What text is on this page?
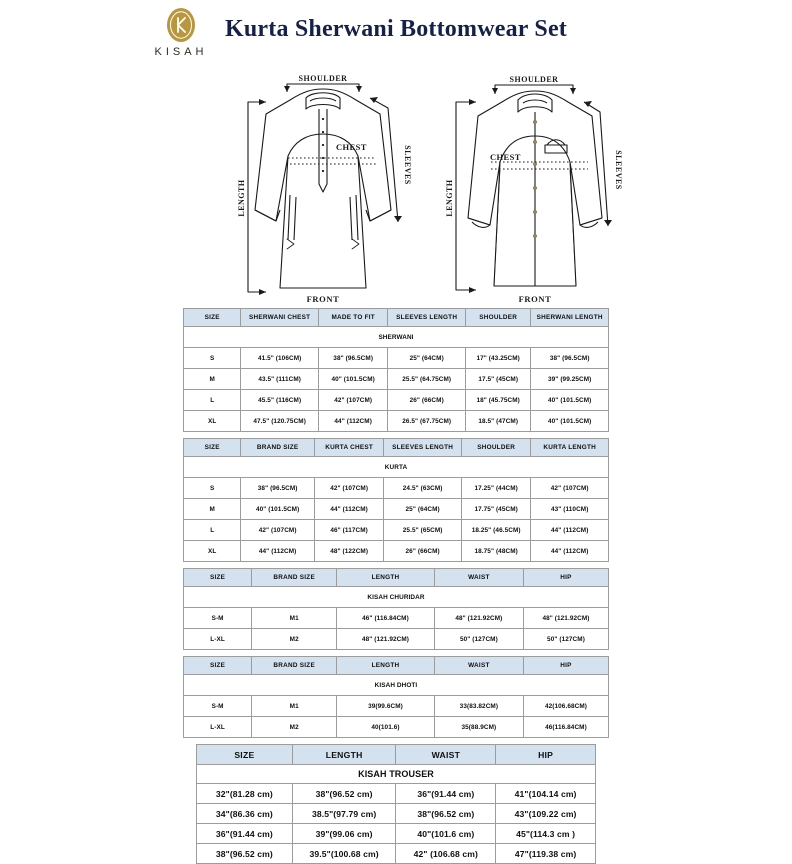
KISAH
Kurta Sherwani Bottomwear Set
SHOULDER
CHEST
FRONT
LENGTH
SLEEVES
SHOULDER
CHEST
FRONT
LENGTH
SLEEVES
SHERWANI					
SIZE	SHERWANI CHEST	MADE TO FIT	SLEEVES LENGTH	SHOULDER	SHERWANI LENGTH
S	41.5" (106CM)	38" (96.5CM)	25" (64CM)	17" (43.25CM)	38" (96.5CM)
M	43.5" (111CM)	40" (101.5CM)	25.5" (64.75CM)	17.5" (45CM)	39" (99.25CM)
L	45.5" (116CM)	42" (107CM)	26" (66CM)	18" (45.75CM)	40" (101.5CM)
XL	47.5" (120.75CM)	44" (112CM)	26.5" (67.75CM)	18.5" (47CM)	40" (101.5CM)
KURTA					
SIZE	BRAND SIZE	KURTA CHEST	SLEEVES LENGTH	SHOULDER	KURTA LENGTH
S	38" (96.5CM)	42" (107CM)	24.5" (63CM)	17.25" (44CM)	42" (107CM)
M	40" (101.5CM)	44" (112CM)	25" (64CM)	17.75" (45CM)	43" (110CM)
L	42" (107CM)	46" (117CM)	25.5" (65CM)	18.25" (46.5CM)	44" (112CM)
XL	44" (112CM)	48" (122CM)	26" (66CM)	18.75" (48CM)	44" (112CM)
KISAH CHURIDAR				
SIZE	BRAND SIZE	LENGTH	WAIST	HIP
S-M	M1	46" (116.84CM)	48" (121.92CM)	48" (121.92CM)
L-XL	M2	48" (121.92CM)	50" (127CM)	50" (127CM)
KISAH DHOTI				
SIZE	BRAND SIZE	LENGTH	WAIST	HIP
S-M	M1	39(99.6CM)	33(83.82CM)	42(106.68CM)
L-XL	M2	40(101.6)	35(88.9CM)	46(116.84CM)
KISAH TROUSER			
SIZE	LENGTH	WAIST	HIP
32"(81.28 cm)	38"(96.52 cm)	36"(91.44 cm)	41"(104.14 cm)
34"(86.36 cm)	38.5"(97.79 cm)	38"(96.52 cm)	43"(109.22 cm)
36"(91.44 cm)	39"(99.06 cm)	40"(101.6 cm)	45"(114.3 cm )
38"(96.52 cm)	39.5"(100.68 cm)	42" (106.68 cm)	47"(119.38 cm)
